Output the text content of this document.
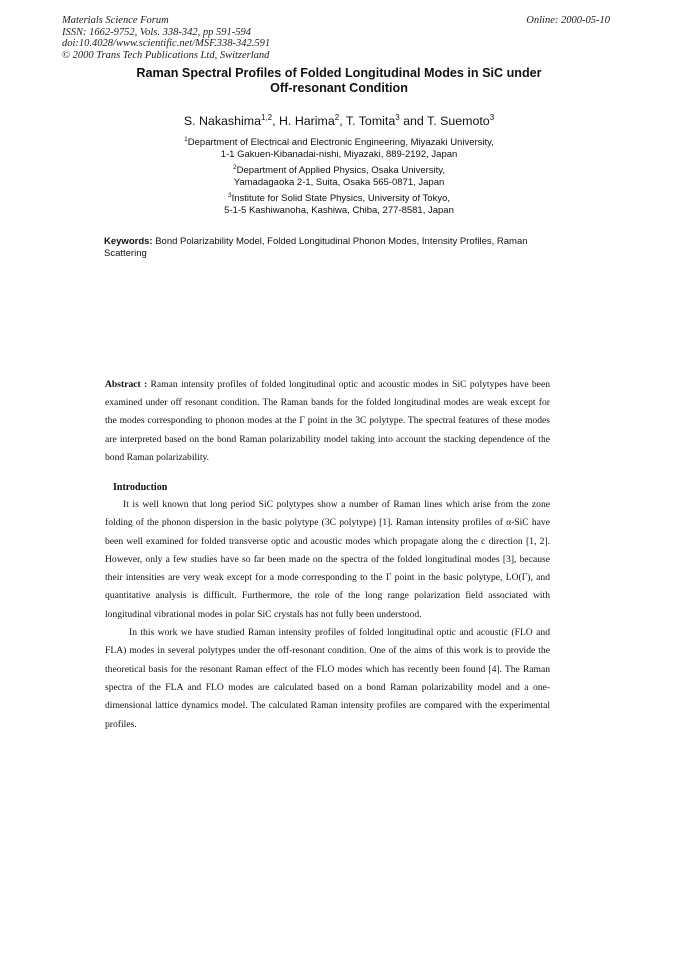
Materials Science Forum
ISSN: 1662-9752, Vols. 338-342, pp 591-594
doi:10.4028/www.scientific.net/MSF.338-342.591
© 2000 Trans Tech Publications Ltd, Switzerland
Online: 2000-05-10
Raman Spectral Profiles of Folded Longitudinal Modes in SiC under
Off-resonant Condition
S. Nakashima$^{1,2}$, H. Harima$^2$, T. Tomita$^3$ and T. Suemoto$^3$
$^1$Department of Electrical and Electronic Engineering, Miyazaki University,
1-1 Gakuen-Kibanadai-nishi, Miyazaki, 889-2192, Japan
$^2$Department of Applied Physics, Osaka University,
Yamadagaoka 2-1, Suita, Osaka 565-0871, Japan
$^3$Institute for Solid State Physics, University of Tokyo,
5-1-5 Kashiwanoha, Kashiwa, Chiba, 277-8581, Japan
Keywords: Bond Polarizability Model, Folded Longitudinal Phonon Modes, Intensity Profiles, Raman Scattering
Abstract : Raman intensity profiles of folded longitudinal optic and acoustic modes in SiC polytypes have been examined under off resonant condition. The Raman bands for the folded longitudinal modes are weak except for the modes corresponding to phonon modes at the Γ point in the 3C polytype. The spectral features of these modes are interpreted based on the bond Raman polarizability model taking into account the stacking dependence of the bond Raman polarizability.
Introduction

It is well known that long period SiC polytypes show a number of Raman lines which arise from the zone folding of the phonon dispersion in the basic polytype (3C polytype) [1]. Raman intensity profiles of α-SiC have been well examined for folded transverse optic and acoustic modes which propagate along the c direction [1, 2]. However, only a few studies have so far been made on the spectra of the folded longitudinal modes [3], because their intensities are very weak except for a mode corresponding to the Γ point in the basic polytype, LO(Γ), and quantitative analysis is difficult. Furthermore, the role of the long range polarization field associated with longitudinal vibrational modes in polar SiC crystals has not fully been understood.

In this work we have studied Raman intensity profiles of folded longitudinal optic and acoustic (FLO and FLA) modes in several polytypes under the off-resonant condition. One of the aims of this work is to provide the theoretical basis for the resonant Raman effect of the FLO modes which has recently been found [4]. The Raman spectra of the FLA and FLO modes are calculated based on a bond Raman polarizability model and a one-dimensional lattice dynamics model. The calculated Raman intensity profiles are compared with the experimental profiles.
